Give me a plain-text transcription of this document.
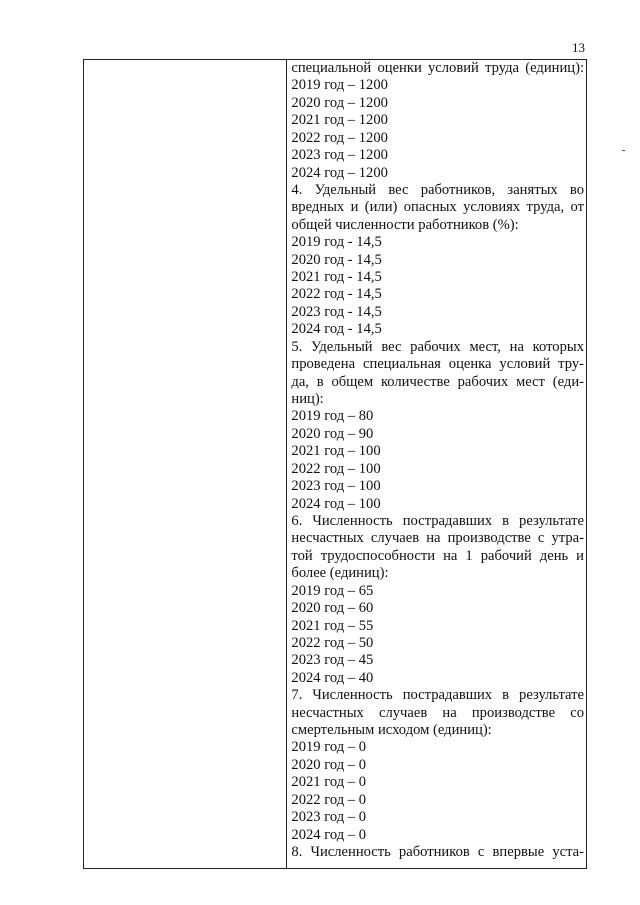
13

специальной оценки условий труда (единиц):
2019 год – 1200
2020 год – 1200
2021 год – 1200
2022 год – 1200
2023 год – 1200
2024 год – 1200
4. Удельный вес работников, занятых во
вредных и (или) опасных условиях труда, от
общей численности работников (%):
2019 год - 14,5
2020 год - 14,5
2021 год - 14,5
2022 год - 14,5
2023 год - 14,5
2024 год - 14,5
5. Удельный вес рабочих мест, на которых
проведена специальная оценка условий тру-
да, в общем количестве рабочих мест (еди-
ниц):
2019 год – 80
2020 год – 90
2021 год – 100
2022 год – 100
2023 год – 100
2024 год – 100
6. Численность пострадавших в результате
несчастных случаев на производстве с утра-
той трудоспособности на 1 рабочий день и
более (единиц):
2019 год – 65
2020 год – 60
2021 год – 55
2022 год – 50
2023 год – 45
2024 год – 40
7. Численность пострадавших в результате
несчастных случаев на производстве со
смертельным исходом (единиц):
2019 год – 0
2020 год – 0
2021 год – 0
2022 год – 0
2023 год – 0
2024 год – 0
8. Численность работников с впервые уста-
